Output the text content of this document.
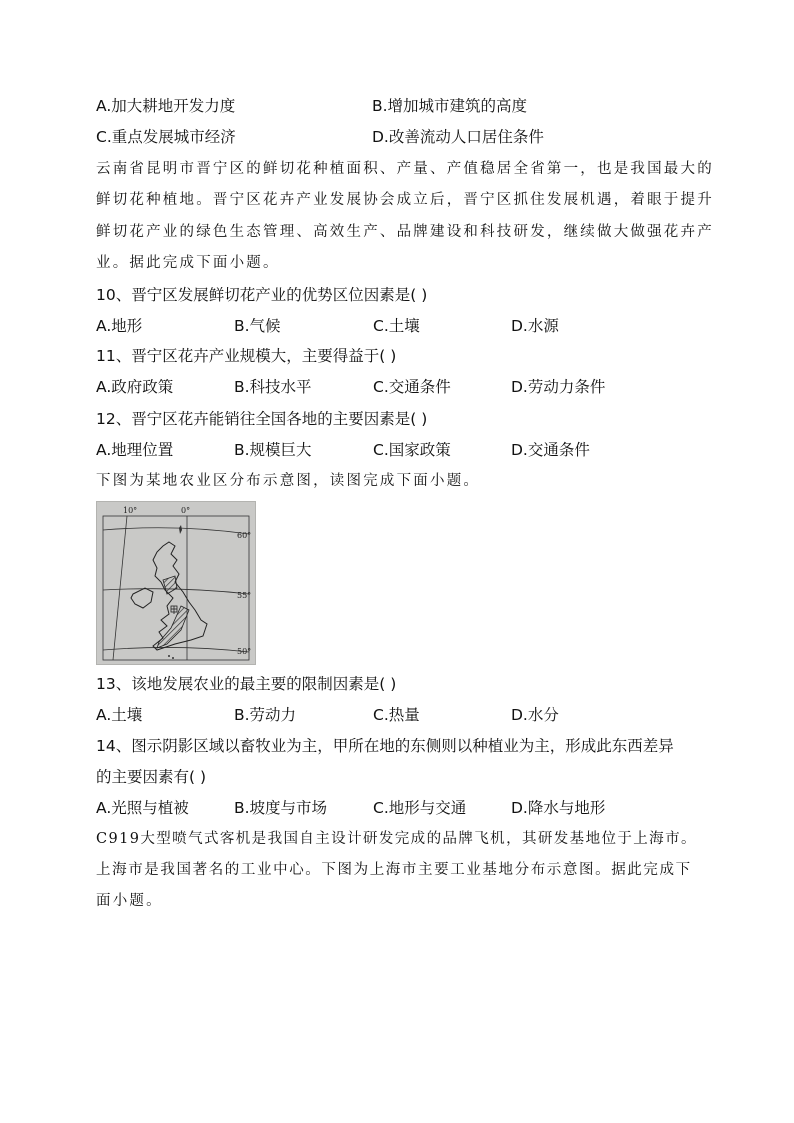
A.加大耕地开发力度	B.增加城市建筑的高度
C.重点发展城市经济	D.改善流动人口居住条件
云南省昆明市晋宁区的鲜切花种植面积、产量、产值稳居全省第一，也是我国最大的
鲜切花种植地。晋宁区花卉产业发展协会成立后，晋宁区抓住发展机遇，着眼于提升
鲜切花产业的绿色生态管理、高效生产、品牌建设和科技研发，继续做大做强花卉产
业。据此完成下面小题。
10、晋宁区发展鲜切花产业的优势区位因素是( )
A.地形	B.气候	C.土壤	D.水源
11、晋宁区花卉产业规模大，主要得益于( )
A.政府政策	B.科技水平	C.交通条件	D.劳动力条件
12、晋宁区花卉能销往全国各地的主要因素是( )
A.地理位置	B.规模巨大	C.国家政策	D.交通条件
下图为某地农业区分布示意图，读图完成下面小题。
10°	0°
60°
55°
50°
13、该地发展农业的最主要的限制因素是( )
A.土壤	B.劳动力	C.热量	D.水分
14、图示阴影区域以畜牧业为主，甲所在地的东侧则以种植业为主，形成此东西差异
的主要因素有( )
A.光照与植被	B.坡度与市场	C.地形与交通	D.降水与地形
C919大型喷气式客机是我国自主设计研发完成的品牌飞机，其研发基地位于上海市。
上海市是我国著名的工业中心。下图为上海市主要工业基地分布示意图。据此完成下
面小题。
